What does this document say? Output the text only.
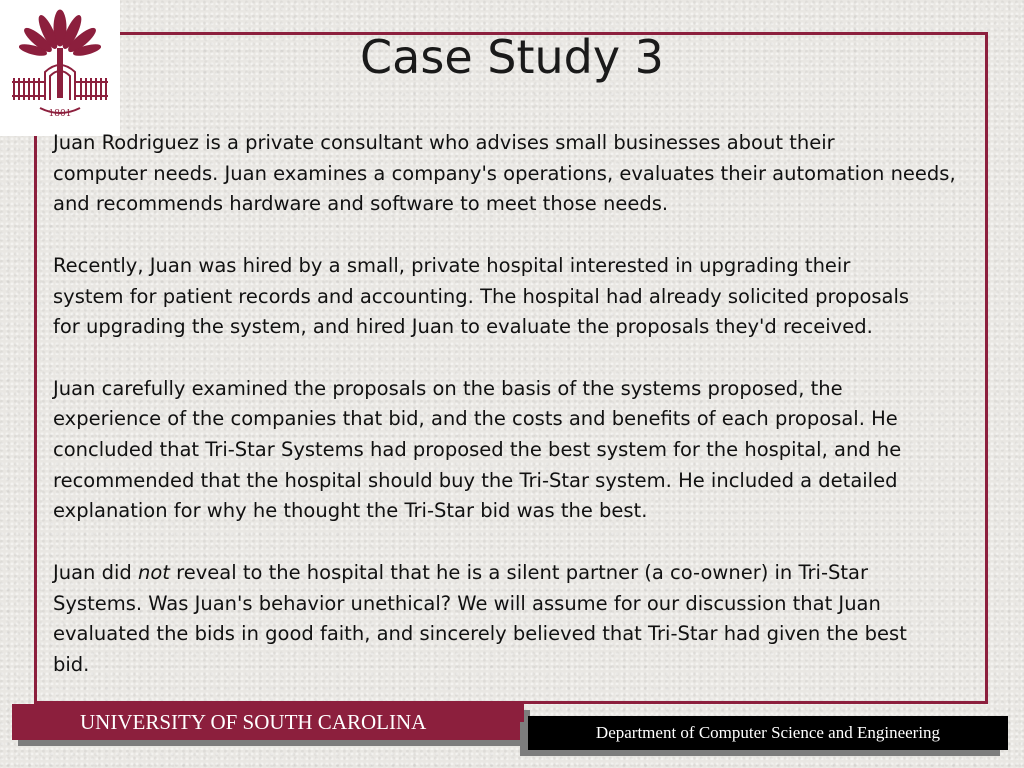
1801
Case Study 3

Juan Rodriguez is a private consultant who advises small businesses about their
computer needs. Juan examines a company's operations, evaluates their automation needs,
and recommends hardware and software to meet those needs.

Recently, Juan was hired by a small, private hospital interested in upgrading their
system for patient records and accounting. The hospital had already solicited proposals
for upgrading the system, and hired Juan to evaluate the proposals they'd received.

Juan carefully examined the proposals on the basis of the systems proposed, the
experience of the companies that bid, and the costs and benefits of each proposal. He
concluded that Tri-Star Systems had proposed the best system for the hospital, and he
recommended that the hospital should buy the Tri-Star system. He included a detailed
explanation for why he thought the Tri-Star bid was the best.

Juan did not reveal to the hospital that he is a silent partner (a co-owner) in Tri-Star
Systems. Was Juan's behavior unethical? We will assume for our discussion that Juan
evaluated the bids in good faith, and sincerely believed that Tri-Star had given the best
bid.

UNIVERSITY OF SOUTH CAROLINA	Department of Computer Science and Engineering
